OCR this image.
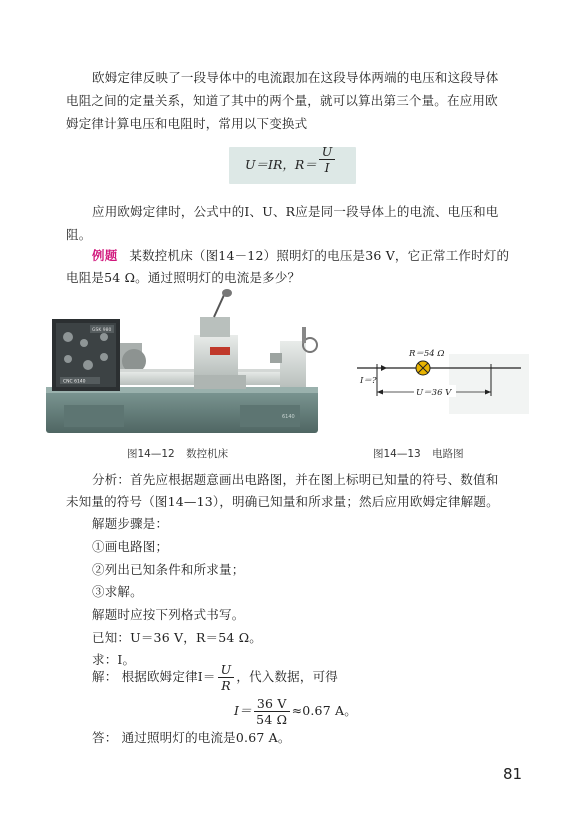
欧姆定律反映了一段导体中的电流跟加在这段导体两端的电压和这段导体
电阻之间的定量关系，知道了其中的两个量，就可以算出第三个量。在应用欧
姆定律计算电压和电阻时，常用以下变换式
U＝IR，$R= \frac{U}{I}$
应用欧姆定律时，公式中的I、U、R应是同一段导体上的电流、电压和电
阻。
例题 某数控机床（图14－12）照明灯的电压是36 V，它正常工作时灯的
电阻是54 Ω。通过照明灯的电流是多少？
6140
GSK 980
CNC 6140
R＝54 Ω
I＝?
U＝36 V
图14—12 数控机床	图14—13 电路图
分析：首先应根据题意画出电路图，并在图上标明已知量的符号、数值和
未知量的符号（图14—13），明确已知量和所求量；然后应用欧姆定律解题。
解题步骤是：
①画电路图；
②列出已知条件和所求量；
③求解。
解题时应按下列格式书写。
已知：U＝36 V，R＝54 Ω。
求：I。
解： 根据欧姆定律$I= \frac{U}{R}$ ，代入数据，可得
$I= \frac{36 V}{54 \Omega} \approx 0.67$ A。
答： 通过照明灯的电流是0.67 A。
81
